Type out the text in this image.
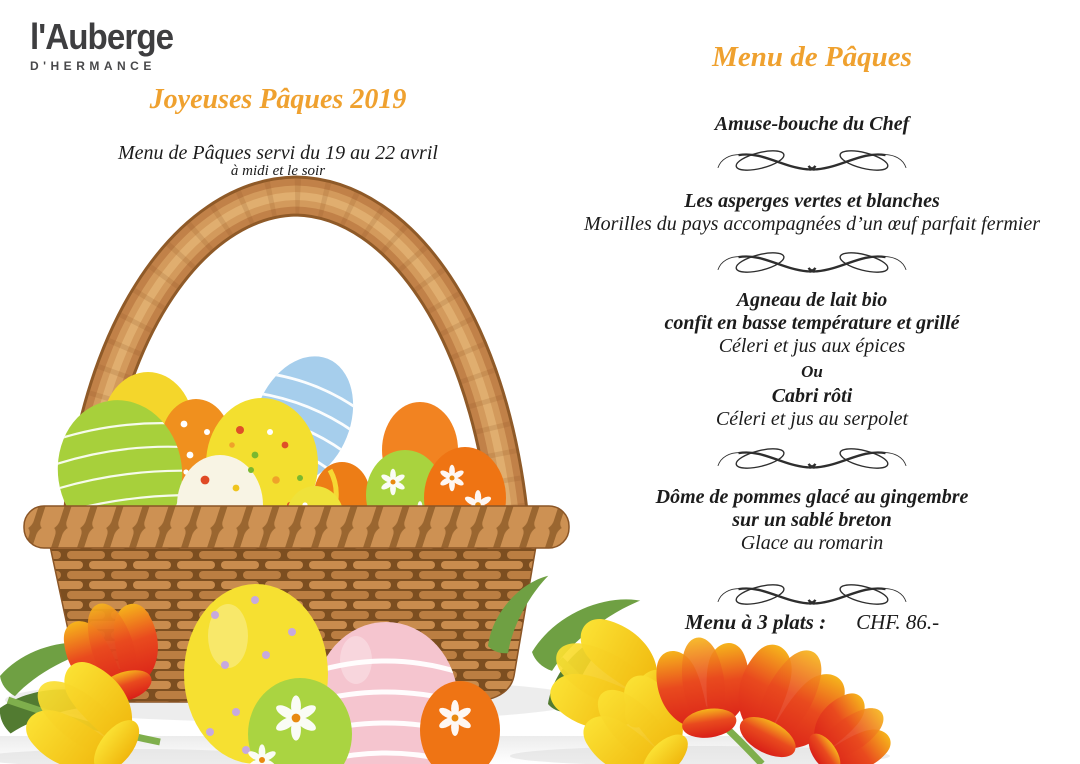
l'Auberge
D'HERMANCE
Joyeuses Pâques 2019
Menu de Pâques servi du 19 au 22 avril
à midi et le soir
Menu de Pâques
Amuse-bouche du Chef
Les asperges vertes et blanches
Morilles du pays accompagnées d’un œuf parfait fermier
Agneau de lait bio
confit en basse température et grillé
Céleri et jus aux épices
Ou
Cabri rôti
Céleri et jus au serpolet
Dôme de pommes glacé au gingembre
sur un sablé breton
Glace au romarin
Menu à 3 plats : CHF. 86.-
